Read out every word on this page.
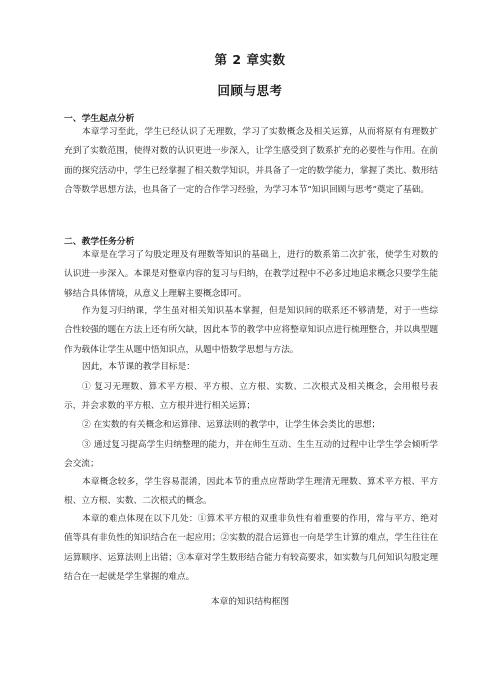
第 2 章实数
回顾与思考
一、学生起点分析
本章学习至此，学生已经认识了无理数，学习了实数概念及相关运算，从而将原有有理数扩充到了实数范围，使得对数的认识更进一步深入，让学生感受到了数系扩充的必要性与作用。在前面的探究活动中，学生已经掌握了相关数学知识，并具备了一定的数学能力，掌握了类比、数形结合等数学思想方法，也具备了一定的合作学习经验，为学习本节“知识回顾与思考”奠定了基础。
二、教学任务分析
本章是在学习了勾股定理及有理数等知识的基础上，进行的数系第二次扩张，使学生对数的认识进一步深入。本课是对整章内容的复习与归纳，在教学过程中不必多过地追求概念只要学生能够结合具体情境，从意义上理解主要概念即可。
作为复习归纳课，学生虽对相关知识基本掌握，但是知识间的联系还不够清楚，对于一些综合性较强的题在方法上还有所欠缺，因此本节的教学中应将整章知识点进行梳理整合，并以典型题作为载体让学生从题中悟知识点，从题中悟数学思想与方法。
因此，本节课的教学目标是：
① 复习无理数、算术平方根、平方根、立方根、实数、二次根式及相关概念，会用根号表示，并会求数的平方根、立方根并进行相关运算；
② 在实数的有关概念和运算律、运算法则的教学中，让学生体会类比的思想；
③ 通过复习提高学生归纳整理的能力，并在师生互动、生生互动的过程中让学生学会倾听学会交流；
本章概念较多，学生容易混淆，因此本节的重点应帮助学生理清无理数、算术平方根、平方根、立方根、实数、二次根式的概念。
本章的难点体现在以下几处：①算术平方根的双重非负性有着重要的作用，常与平方、绝对值等具有非负性的知识结合在一起应用；②实数的混合运算也一向是学生计算的难点，学生往往在运算顺序、运算法则上出错；③本章对学生数形结合能力有较高要求，如实数与几何知识勾股定理结合在一起就是学生掌握的难点。
本章的知识结构框图
